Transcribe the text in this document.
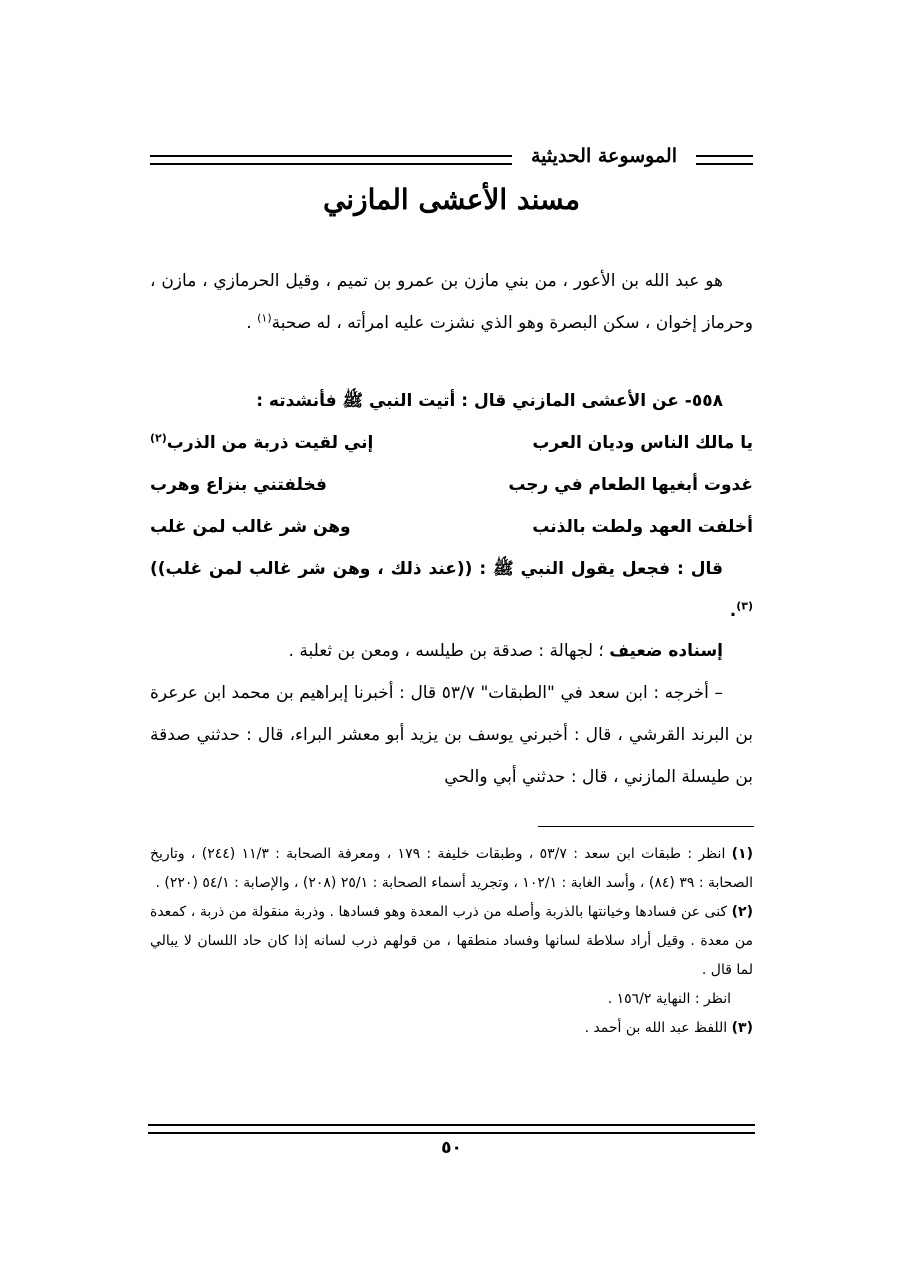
الموسوعة الحديثية
مسند الأعشى المازني

هو عبد الله بن الأعور ، من بني مازن بن عمرو بن تميم ، وقيل الحرمازي ، مازن ، وحرماز إخوان ، سكن البصرة وهو الذي نشزت عليه امرأته ، له صحبة$^{(١)}$ .

٥٥٨- عن الأعشى المازني قال : أتيت النبي ﷺ فأنشدته :

يا مالك الناس وديان العرب
إني لقيت ذربة من الذرب$^{(٢)}$
غدوت أبغيها الطعام في رجب
فخلفتني بنزاع وهرب
أخلفت العهد ولطت بالذنب
وهن شر غالب لمن غلب

قال : فجعل يقول النبي ﷺ : ((عند ذلك ، وهن شر غالب لمن غلب))$^{(٣)}$.

إسناده ضعيف ؛ لجهالة : صدقة بن طيلسه ، ومعن بن ثعلبة .

– أخرجه : ابن سعد في "الطبقات" ٥٣/٧ قال : أخبرنا إبراهيم بن محمد ابن عرعرة بن البرند القرشي ، قال : أخبرني يوسف بن يزيد أبو معشر البراء، قال : حدثني صدقة بن طيسلة المازني ، قال : حدثني أبي والحي

(١) انظر : طبقات ابن سعد : ٥٣/٧ ، وطبقات خليفة : ١٧٩ ، ومعرفة الصحابة : ١١/٣ (٢٤٤) ، وتاريخ الصحابة : ٣٩ (٨٤) ، وأسد الغابة : ١٠٢/١ ، وتجريد أسماء الصحابة : ٢٥/١ (٢٠٨) ، والإصابة : ٥٤/١ (٢٢٠) .

(٢) كنى عن فسادها وخيانتها بالذربة وأصله من ذرب المعدة وهو فسادها . وذربة منقولة من ذربة ، كمعدة من معدة . وقيل أراد سلاطة لسانها وفساد منطقها ، من قولهم ذرب لسانه إذا كان حاد اللسان لا يبالي لما قال .

انظر : النهاية ١٥٦/٢ .

(٣) اللفظ عبد الله بن أحمد .

٥٠
